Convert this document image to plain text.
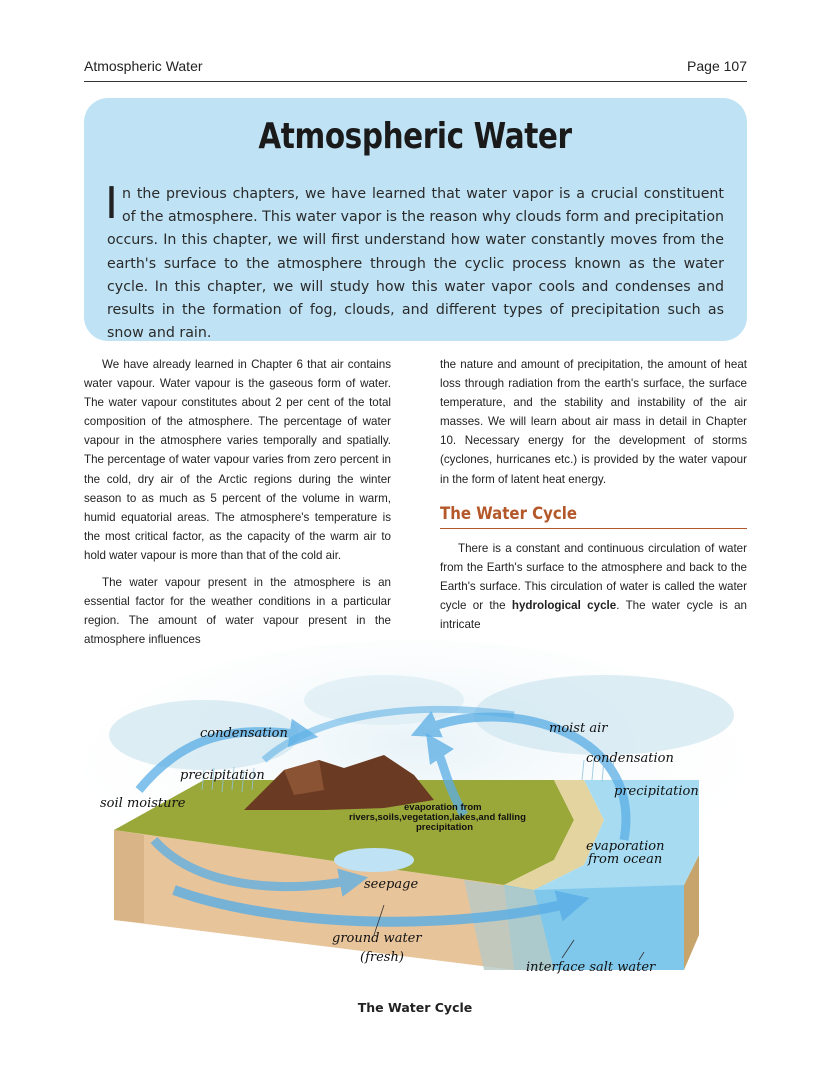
Atmospheric Water	Page 107
Atmospheric Water

In the previous chapters, we have learned that water vapor is a crucial constituent of the atmosphere. This water vapor is the reason why clouds form and precipitation occurs. In this chapter, we will first understand how water constantly moves from the earth's surface to the atmosphere through the cyclic process known as the water cycle. In this chapter, we will study how this water vapor cools and condenses and results in the formation of fog, clouds, and different types of precipitation such as snow and rain.

We have already learned in Chapter 6 that air contains water vapour. Water vapour is the gaseous form of water. The water vapour constitutes about 2 per cent of the total composition of the atmosphere. The percentage of water vapour in the atmosphere varies temporally and spatially. The percentage of water vapour varies from zero percent in the cold, dry air of the Arctic regions during the winter season to as much as 5 percent of the volume in warm, humid equatorial areas. The atmosphere's temperature is the most critical factor, as the capacity of the warm air to hold water vapour is more than that of the cold air.

The water vapour present in the atmosphere is an essential factor for the weather conditions in a particular region. The amount of water vapour present in the atmosphere influences

the nature and amount of precipitation, the amount of heat loss through radiation from the earth's surface, the surface temperature, and the stability and instability of the air masses. We will learn about air mass in detail in Chapter 10. Necessary energy for the development of storms (cyclones, hurricanes etc.) is provided by the water vapour in the form of latent heat energy.

The Water Cycle

There is a constant and continuous circulation of water from the Earth's surface to the atmosphere and back to the Earth's surface. This circulation of water is called the water cycle or the hydrological cycle. The water cycle is an intricate

condensation	moist air
condensation
precipitation
precipitation
soil moisture	evaporation from
rivers,soils,vegetation,lakes,and falling
precipitation
evaporation
from ocean
seepage
ground water
(fresh)
interface salt water
The Water Cycle
